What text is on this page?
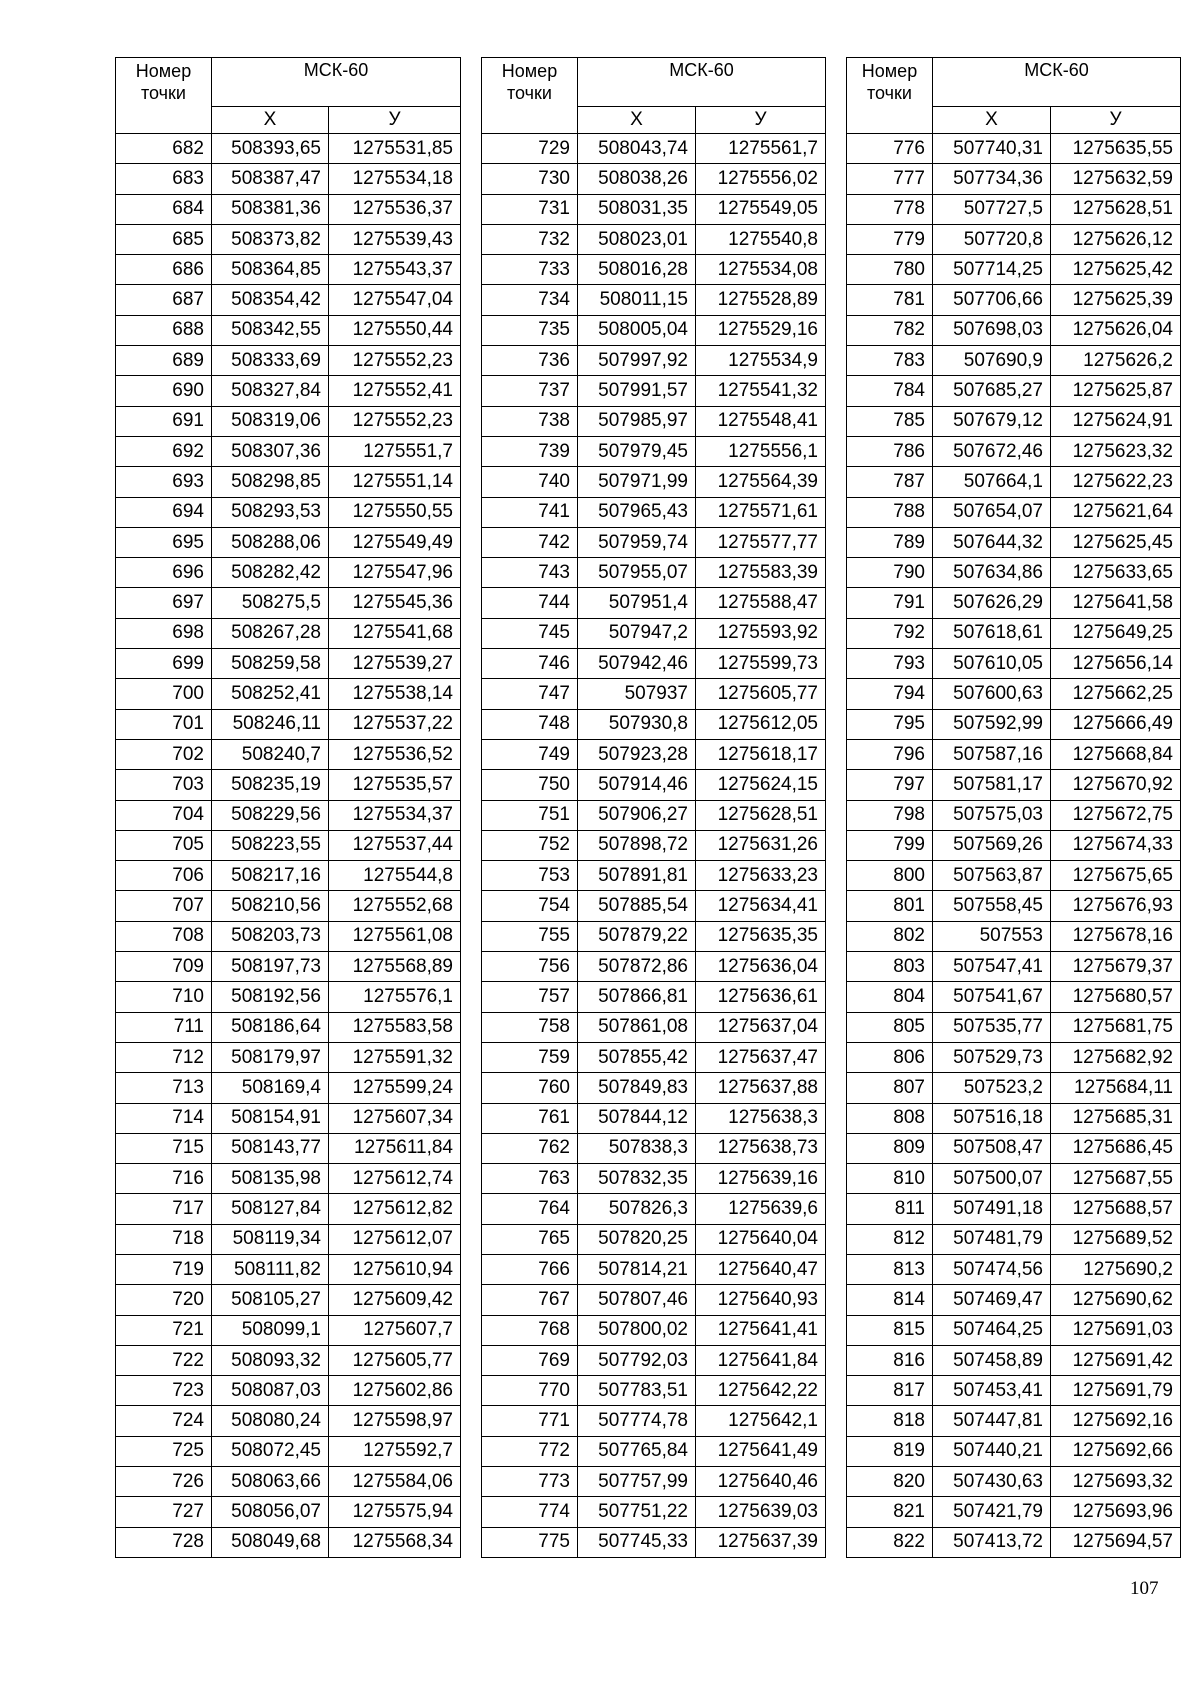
Номер точки	МСК-60	
	X	У
682	508393,65	1275531,85
683	508387,47	1275534,18
684	508381,36	1275536,37
685	508373,82	1275539,43
686	508364,85	1275543,37
687	508354,42	1275547,04
688	508342,55	1275550,44
689	508333,69	1275552,23
690	508327,84	1275552,41
691	508319,06	1275552,23
692	508307,36	1275551,7
693	508298,85	1275551,14
694	508293,53	1275550,55
695	508288,06	1275549,49
696	508282,42	1275547,96
697	508275,5	1275545,36
698	508267,28	1275541,68
699	508259,58	1275539,27
700	508252,41	1275538,14
701	508246,11	1275537,22
702	508240,7	1275536,52
703	508235,19	1275535,57
704	508229,56	1275534,37
705	508223,55	1275537,44
706	508217,16	1275544,8
707	508210,56	1275552,68
708	508203,73	1275561,08
709	508197,73	1275568,89
710	508192,56	1275576,1
711	508186,64	1275583,58
712	508179,97	1275591,32
713	508169,4	1275599,24
714	508154,91	1275607,34
715	508143,77	1275611,84
716	508135,98	1275612,74
717	508127,84	1275612,82
718	508119,34	1275612,07
719	508111,82	1275610,94
720	508105,27	1275609,42
721	508099,1	1275607,7
722	508093,32	1275605,77
723	508087,03	1275602,86
724	508080,24	1275598,97
725	508072,45	1275592,7
726	508063,66	1275584,06
727	508056,07	1275575,94
728	508049,68	1275568,34
Номер точки	МСК-60	
	X	У
729	508043,74	1275561,7
730	508038,26	1275556,02
731	508031,35	1275549,05
732	508023,01	1275540,8
733	508016,28	1275534,08
734	508011,15	1275528,89
735	508005,04	1275529,16
736	507997,92	1275534,9
737	507991,57	1275541,32
738	507985,97	1275548,41
739	507979,45	1275556,1
740	507971,99	1275564,39
741	507965,43	1275571,61
742	507959,74	1275577,77
743	507955,07	1275583,39
744	507951,4	1275588,47
745	507947,2	1275593,92
746	507942,46	1275599,73
747	507937	1275605,77
748	507930,8	1275612,05
749	507923,28	1275618,17
750	507914,46	1275624,15
751	507906,27	1275628,51
752	507898,72	1275631,26
753	507891,81	1275633,23
754	507885,54	1275634,41
755	507879,22	1275635,35
756	507872,86	1275636,04
757	507866,81	1275636,61
758	507861,08	1275637,04
759	507855,42	1275637,47
760	507849,83	1275637,88
761	507844,12	1275638,3
762	507838,3	1275638,73
763	507832,35	1275639,16
764	507826,3	1275639,6
765	507820,25	1275640,04
766	507814,21	1275640,47
767	507807,46	1275640,93
768	507800,02	1275641,41
769	507792,03	1275641,84
770	507783,51	1275642,22
771	507774,78	1275642,1
772	507765,84	1275641,49
773	507757,99	1275640,46
774	507751,22	1275639,03
775	507745,33	1275637,39
Номер точки	МСК-60	
	X	У
776	507740,31	1275635,55
777	507734,36	1275632,59
778	507727,5	1275628,51
779	507720,8	1275626,12
780	507714,25	1275625,42
781	507706,66	1275625,39
782	507698,03	1275626,04
783	507690,9	1275626,2
784	507685,27	1275625,87
785	507679,12	1275624,91
786	507672,46	1275623,32
787	507664,1	1275622,23
788	507654,07	1275621,64
789	507644,32	1275625,45
790	507634,86	1275633,65
791	507626,29	1275641,58
792	507618,61	1275649,25
793	507610,05	1275656,14
794	507600,63	1275662,25
795	507592,99	1275666,49
796	507587,16	1275668,84
797	507581,17	1275670,92
798	507575,03	1275672,75
799	507569,26	1275674,33
800	507563,87	1275675,65
801	507558,45	1275676,93
802	507553	1275678,16
803	507547,41	1275679,37
804	507541,67	1275680,57
805	507535,77	1275681,75
806	507529,73	1275682,92
807	507523,2	1275684,11
808	507516,18	1275685,31
809	507508,47	1275686,45
810	507500,07	1275687,55
811	507491,18	1275688,57
812	507481,79	1275689,52
813	507474,56	1275690,2
814	507469,47	1275690,62
815	507464,25	1275691,03
816	507458,89	1275691,42
817	507453,41	1275691,79
818	507447,81	1275692,16
819	507440,21	1275692,66
820	507430,63	1275693,32
821	507421,79	1275693,96
822	507413,72	1275694,57
107
